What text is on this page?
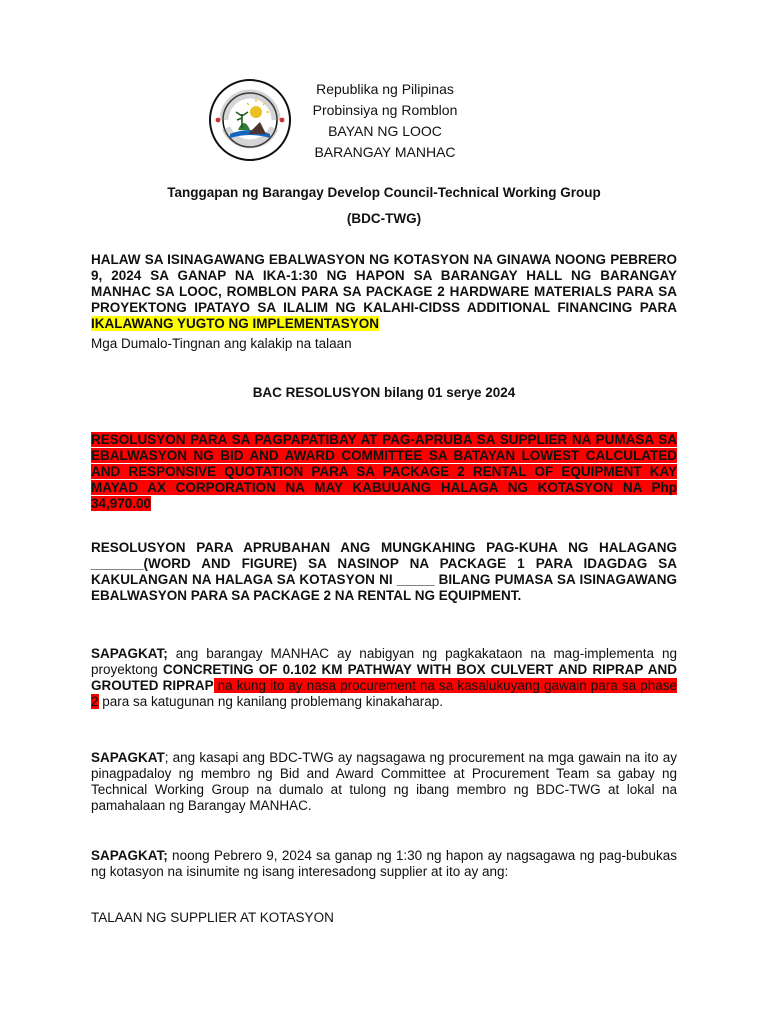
Republika ng Pilipinas
Probinsiya ng Romblon
BAYAN NG LOOC
BARANGAY MANHAC
Tanggapan ng Barangay Develop Council-Technical Working Group
(BDC-TWG)
HALAW SA ISINAGAWANG EBALWASYON NG KOTASYON NA GINAWA NOONG PEBRERO 9, 2024 SA GANAP NA IKA-1:30 NG HAPON SA BARANGAY HALL NG BARANGAY MANHAC SA LOOC, ROMBLON PARA SA PACKAGE 2 HARDWARE MATERIALS PARA SA PROYEKTONG IPATAYO SA ILALIM NG KALAHI-CIDSS ADDITIONAL FINANCING PARA IKALAWANG YUGTO NG IMPLEMENTASYON
Mga Dumalo-Tingnan ang kalakip na talaan
BAC RESOLUSYON bilang 01 serye 2024
RESOLUSYON PARA SA PAGPAPATIBAY AT PAG-APRUBA SA SUPPLIER NA PUMASA SA EBALWASYON NG BID AND AWARD COMMITTEE SA BATAYAN LOWEST CALCULATED AND RESPONSIVE QUOTATION PARA SA PACKAGE 2 RENTAL OF EQUIPMENT KAY MAYAD AX CORPORATION NA MAY KABUUANG HALAGA NG KOTASYON NA Php 34,970.00
RESOLUSYON PARA APRUBAHAN ANG MUNGKAHING PAG-KUHA NG HALAGANG _______(WORD AND FIGURE) SA NASINOP NA PACKAGE 1 PARA IDAGDAG SA KAKULANGAN NA HALAGA SA KOTASYON NI _____ BILANG PUMASA SA ISINAGAWANG EBALWASYON PARA SA PACKAGE 2 NA RENTAL NG EQUIPMENT.
SAPAGKAT; ang barangay MANHAC ay nabigyan ng pagkakataon na mag-implementa ng proyektong CONCRETING OF 0.102 KM PATHWAY WITH BOX CULVERT AND RIPRAP AND GROUTED RIPRAP na kung ito ay nasa procurement na sa kasalukuyang gawain para sa phase 2 para sa katugunan ng kanilang problemang kinakaharap.
SAPAGKAT; ang kasapi ang BDC-TWG ay nagsagawa ng procurement na mga gawain na ito ay pinagpadaloy ng membro ng Bid and Award Committee at Procurement Team sa gabay ng Technical Working Group na dumalo at tulong ng ibang membro ng BDC-TWG at lokal na pamahalaan ng Barangay MANHAC.
SAPAGKAT; noong Pebrero 9, 2024 sa ganap ng 1:30 ng hapon ay nagsagawa ng pag-bubukas ng kotasyon na isinumite ng isang interesadong supplier at ito ay ang:
TALAAN NG SUPPLIER AT KOTASYON
